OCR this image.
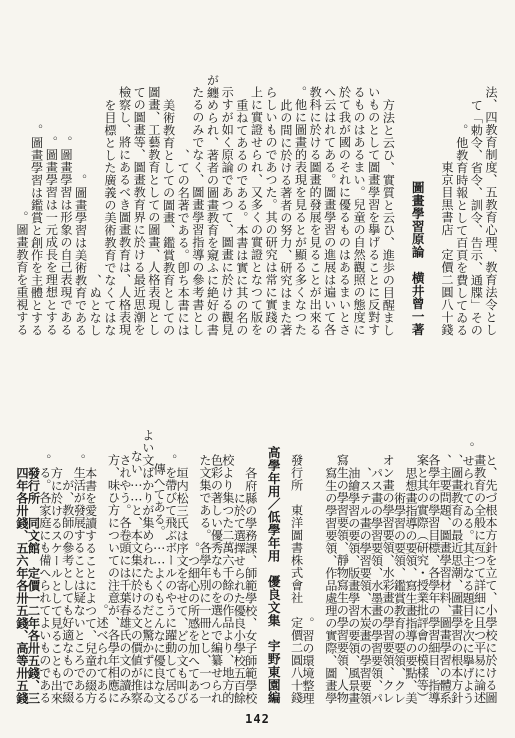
法、四教育制度、五教育心理、教育法令とし
て「勅令、省令、訓令、告示、通牒」その
他教育時報として百頁を費してゐる。
東京目黒書店　定價二圓八十錢
圖畫學習原論　横井曾一著
方法と云ひ、實質と云ひ、進歩の目醒まし
いものとして圖畫學習を擧げることに反對す
るものはあるまい。兒童の自然觀照の態度に
於て我が國のそれに優るものはあるまいとさ
へ云はれてある。圖畫學習の進展は遍いて各
教科に於ける圖畫的發展を見ることが出來る
他に圖畫的表現を見るとが顯る多くなつた。
此の間に於ける著者の努力、研究はまた著
らしいものであつた。其の研究は常に實踐の
上に實證せられ、又多くの實證となつて版を
重ねてあるのである。本書は實に其の名の
示すが如く原論であつて、圖畫に於ける觀見
が纏められ、著者の圖畫教育を窺ふに絶好の書
たるのみでなく、圖畫學習指導の參考書とし
ての名著である。卽ち本書には、
美術教育としての圖畫、鑑賞教育としての
圖畫、工藝教育としての圖畫、人格表現とし
ての圖畫等、圖畫教育界に於ける最近思潮を
檢察し、將にあるべき圖畫教育は、人格表現
を目標とした廣義の美術教育でなくてはな
ぬとなし、
圖畫學習は美術教育である。
圖畫學習は形象の自己表現である。
圖畫學習は一元成長を理想とする。
圖畫學習は鑑賞と創作を主體とする。
圖畫教育を重視する。
と、先づ根本方針を立て、小學校に於ける圖
畫教育の全般に亙つて詳細に且つ平易に論述
せられてゐる。其主なる題目を次に擧げよう。
圖畫教育の最近思潮、圖畫學習の根本方針、
主要問題、圖畫學習材料、圖畫學習の體系、
各學年の學習目標、各學年の學習細目、指導
案と其の實際（研究・授業批評會の模樣等）
思想畫指導の要領、寫生畫指導の要點、美
術學習の要領、鑑賞教育の要領、クレ
オン畫の學習要領、水彩畫の學習要領、クレ
パス畫の學習要領、水墨畫の學習要領、パ
ステル畫の學習要領、木炭畫の學習要領、
油繪學習の要領、版畫學習の要領、風景畫
寫生の學習要領、靜物寫生の學習要領、人物
寫生の學習要領、作品處理の實際、圖畫學
習の環境整理。
發行所　東洋圖書株式會社　定價二圓八十錢
高學年用／低學年用　優良文集　宇野東園編
各府縣の學務課、師範學校、女子師範學校
に於て選擇せられた優良小學校五百餘
校より集つた二萬六千餘の作品より、地方的
色彩の著しい優秀なものを選んで編纂せられ
た文集である。各學年別に一冊とし、一つ一
つ細心の所感を加へてある。
垣内松三氏は序文を寄せて、どの文も叫び
を帶びて飛ぶボールのやうに躍動して居る。
傳へてある。……よくもこんなに優良な文
よい文ばかりが集められたものだと驚かずにはゐ
ない……と、本文集に於ける文の價値が推察
されやう。各卷頭には千葉春雄氏の文の讀み
方、味ひ方についての注意が、各學年相應に
述べられてある。
本書を愛讀することによつて、兒童の綴方
生活が發展することは疑ないところである。
が、教師の參考としても好適なもので綴
方に於けるスケールとして見ることも出來
る。各家庭にも備へられてよいものである。
發行所　同文館　定價一二年各卅五錢、三
四年各卅錢、五六年各卅五錢、高等卅五錢
142
